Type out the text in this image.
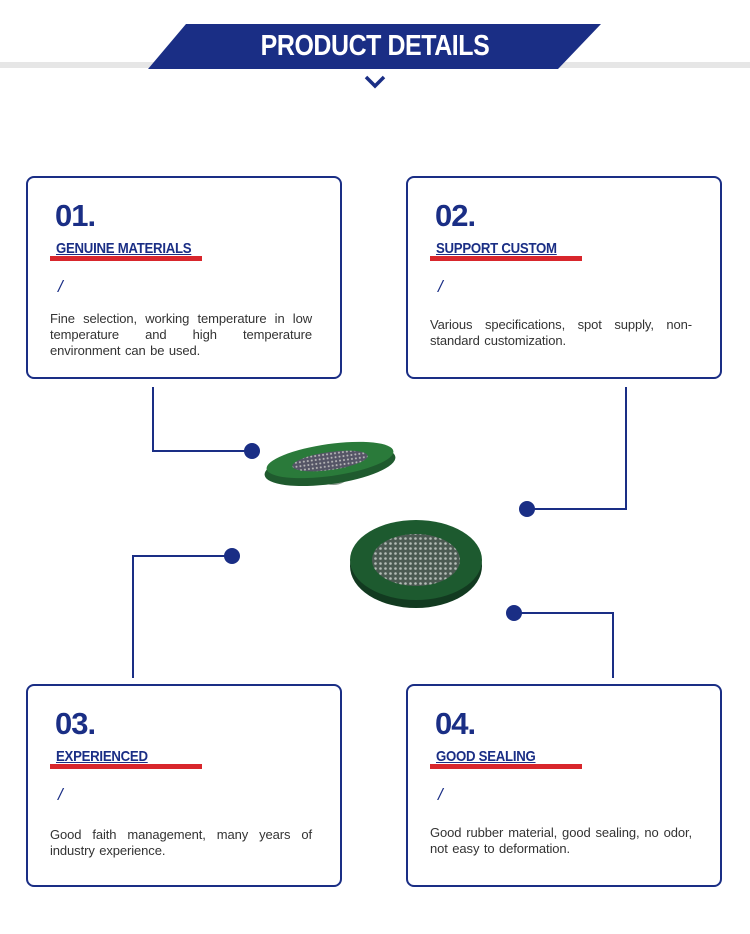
PRODUCT DETAILS
01.
GENUINE MATERIALS
/
Fine selection, working temperature in low temperature and high temperature environment can be used.
02.
SUPPORT CUSTOM
/
Various specifications, spot supply, non-standard customization.
03.
EXPERIENCED
/
Good faith management, many years of industry experience.
04.
GOOD SEALING
/
Good rubber material, good sealing, no odor, not easy to deformation.
